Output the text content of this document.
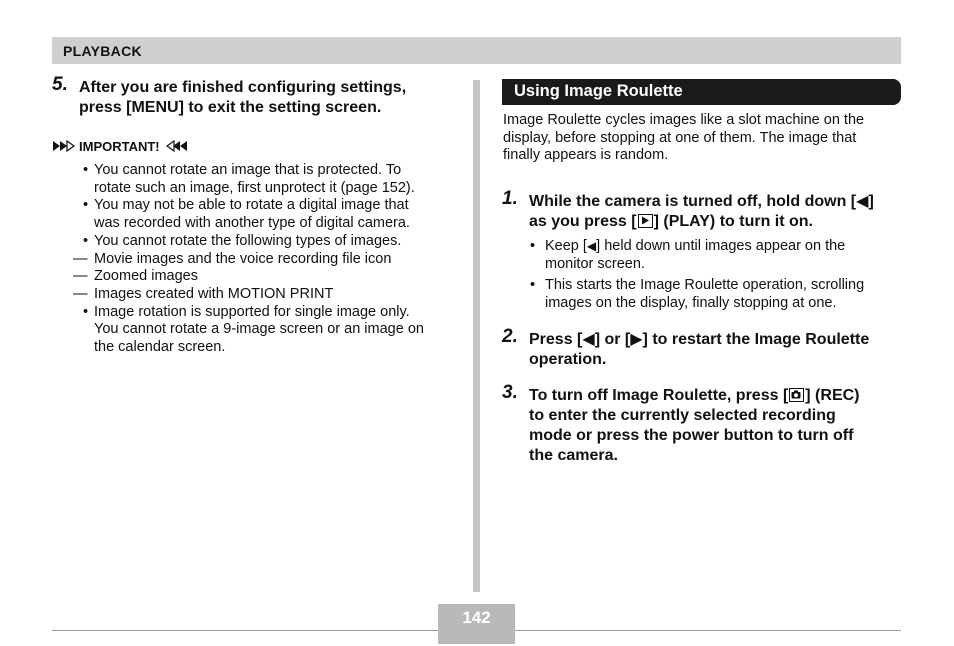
PLAYBACK
5. After you are finished configuring settings,
press [MENU] to exit the setting screen.
IMPORTANT!
• You cannot rotate an image that is protected. To
rotate such an image, first unprotect it (page 152).
• You may not be able to rotate a digital image that
was recorded with another type of digital camera.
• You cannot rotate the following types of images.
— Movie images and the voice recording file icon
— Zoomed images
— Images created with MOTION PRINT
• Image rotation is supported for single image only.
You cannot rotate a 9-image screen or an image on
the calendar screen.
Using Image Roulette
Image Roulette cycles images like a slot machine on the
display, before stopping at one of them. The image that
finally appears is random.
1. While the camera is turned off, hold down [◀]
as you press [ ] (PLAY) to turn it on.
• Keep [◀] held down until images appear on the
monitor screen.
• This starts the Image Roulette operation, scrolling
images on the display, finally stopping at one.
2. Press [◀] or [▶] to restart the Image Roulette
operation.
3. To turn off Image Roulette, press [ ] (REC)
to enter the currently selected recording
mode or press the power button to turn off
the camera.
142
